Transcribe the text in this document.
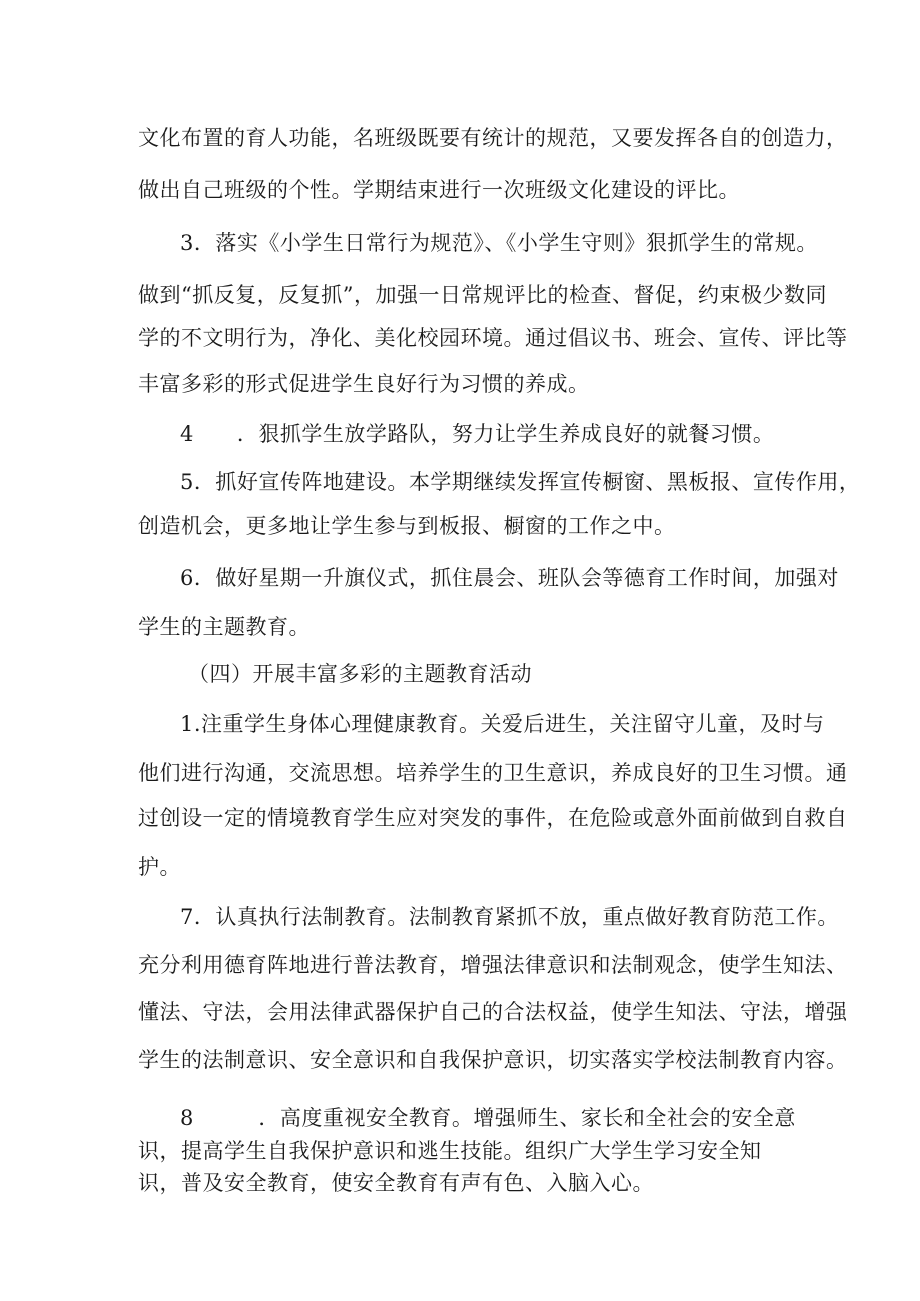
文化布置的育人功能，名班级既要有统计的规范，又要发挥各自的创造力，
做出自己班级的个性。学期结束进行一次班级文化建设的评比。
3．落实《小学生日常行为规范》、《小学生守则》狠抓学生的常规。
做到“抓反复，反复抓”，加强一日常规评比的检查、督促，约束极少数同
学的不文明行为，净化、美化校园环境。通过倡议书、班会、宣传、评比等
丰富多彩的形式促进学生良好行为习惯的养成。
4　　．狠抓学生放学路队，努力让学生养成良好的就餐习惯。
5．抓好宣传阵地建设。本学期继续发挥宣传橱窗、黑板报、宣传作用，
创造机会，更多地让学生参与到板报、橱窗的工作之中。
6．做好星期一升旗仪式，抓住晨会、班队会等德育工作时间，加强对
学生的主题教育。
（四）开展丰富多彩的主题教育活动
1.注重学生身体心理健康教育。关爱后进生，关注留守儿童，及时与
他们进行沟通，交流思想。培养学生的卫生意识，养成良好的卫生习惯。通
过创设一定的情境教育学生应对突发的事件，在危险或意外面前做到自救自
护。
7．认真执行法制教育。法制教育紧抓不放，重点做好教育防范工作。
充分利用德育阵地进行普法教育，增强法律意识和法制观念，使学生知法、
懂法、守法，会用法律武器保护自己的合法权益，使学生知法、守法，增强
学生的法制意识、安全意识和自我保护意识，切实落实学校法制教育内容。
8　　　．高度重视安全教育。增强师生、家长和全社会的安全意识，提高学生自我保护意识和逃生技能。组织广大学生学习安全知识，普及安全教育，使安全教育有声有色、入脑入心。
